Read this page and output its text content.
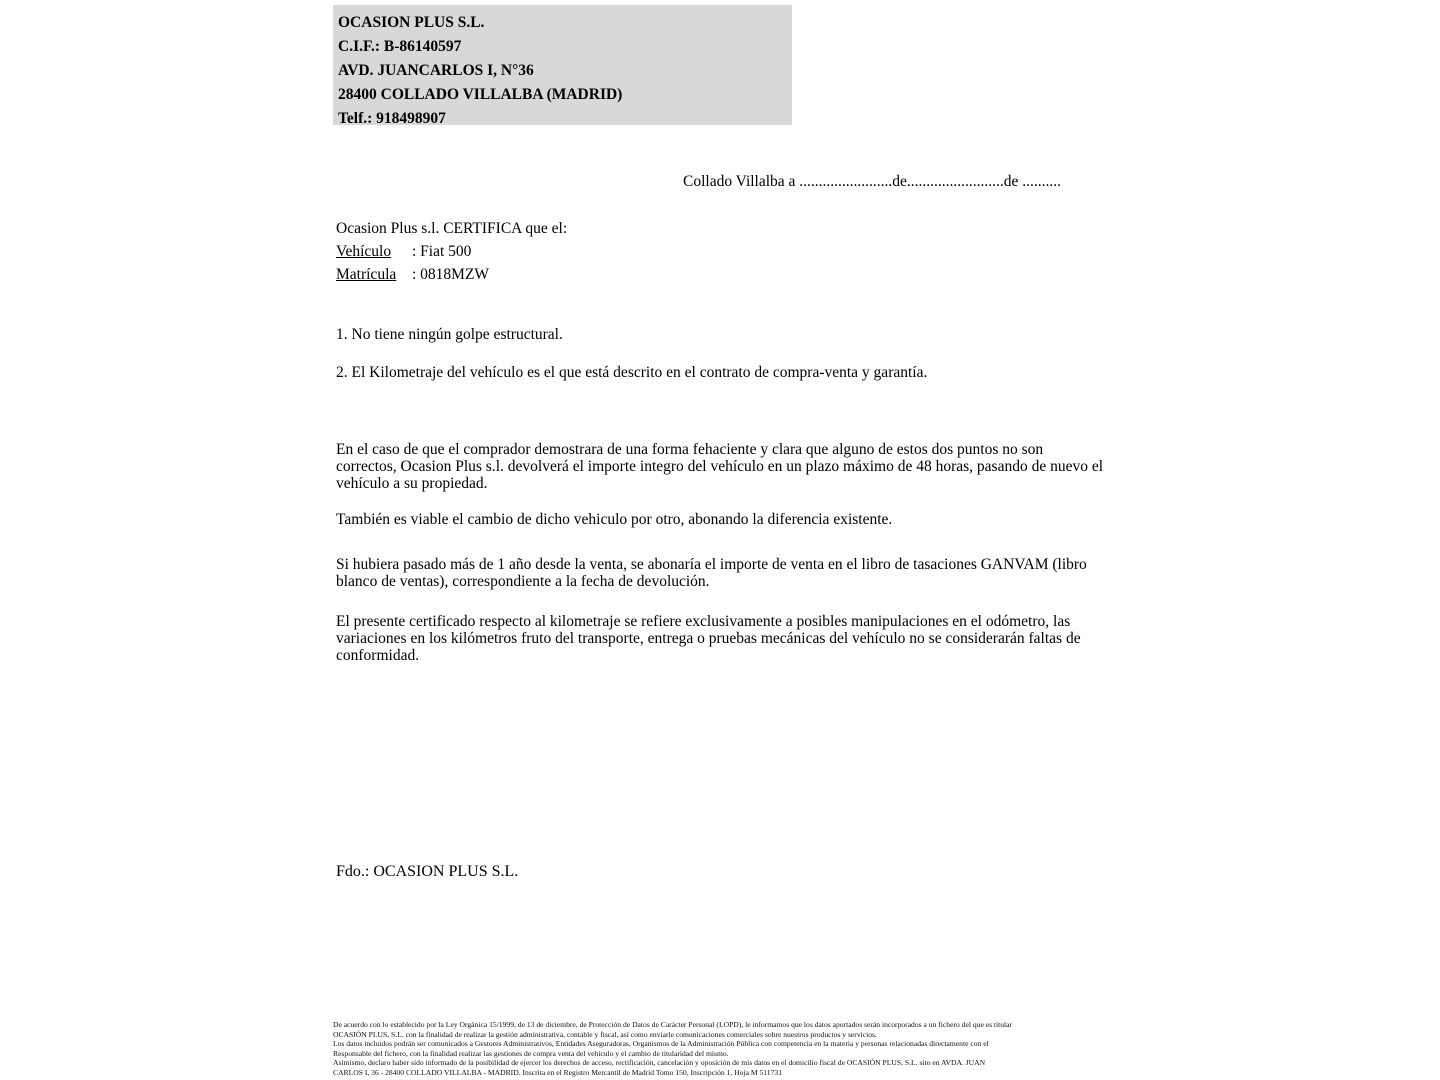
OCASION PLUS S.L.
C.I.F.: B-86140597
AVD. JUANCARLOS I, N°36
28400 COLLADO VILLALBA (MADRID)
Telf.: 918498907
Collado Villalba a ........................de.........................de ..........
Ocasion Plus s.l. CERTIFICA que el:
Vehículo : Fiat 500
Matrícula : 0818MZW
1. No tiene ningún golpe estructural.
2. El Kilometraje del vehículo es el que está descrito en el contrato de compra-venta y garantía.
En el caso de que el comprador demostrara de una forma fehaciente y clara que alguno de estos dos puntos no son correctos, Ocasion Plus s.l. devolverá el importe integro del vehículo en un plazo máximo de 48 horas, pasando de nuevo el vehículo a su propiedad.
También es viable el cambio de dicho vehiculo por otro, abonando la diferencia existente.
Si hubiera pasado más de 1 año desde la venta, se abonaría el importe de venta en el libro de tasaciones GANVAM (libro blanco de ventas), correspondiente a la fecha de devolución.
El presente certificado respecto al kilometraje se refiere exclusivamente a posibles manipulaciones en el odómetro, las variaciones en los kilómetros fruto del transporte, entrega o pruebas mecánicas del vehículo no se considerarán faltas de conformidad.
Fdo.: OCASION PLUS S.L.
De acuerdo con lo establecido por la Ley Orgánica 15/1999, de 13 de diciembre, de Protección de Datos de Carácter Personal (LOPD), le informamos que los datos aportados serán incorporados a un fichero del que es titular
OCASIÓN PLUS, S.L. con la finalidad de realizar la gestión administrativa, contable y fiscal, así como enviarle comunicaciones comerciales sobre nuestros productos y servicios.
Los datos incluidos podrán ser comunicados a Gestores Administrativos, Entidades Aseguradoras, Organismos de la Administración Pública con competencia en la materia y personas relacionadas directamente con el
Responsable del fichero, con la finalidad realizar las gestiones de compra venta del vehículo y el cambio de titularidad del mismo.
Asimismo, declaro haber sido informado de la posibilidad de ejercer los derechos de acceso, rectificación, cancelación y oposición de mis datos en el domicilio fiscal de OCASIÓN PLUS, S.L. sito en AVDA. JUAN
CARLOS I, 36 - 28400 COLLADO VILLALBA - MADRID. Inscrita en el Registro Mercantil de Madrid Tomo 150, Inscripción 1, Hoja M 511731
